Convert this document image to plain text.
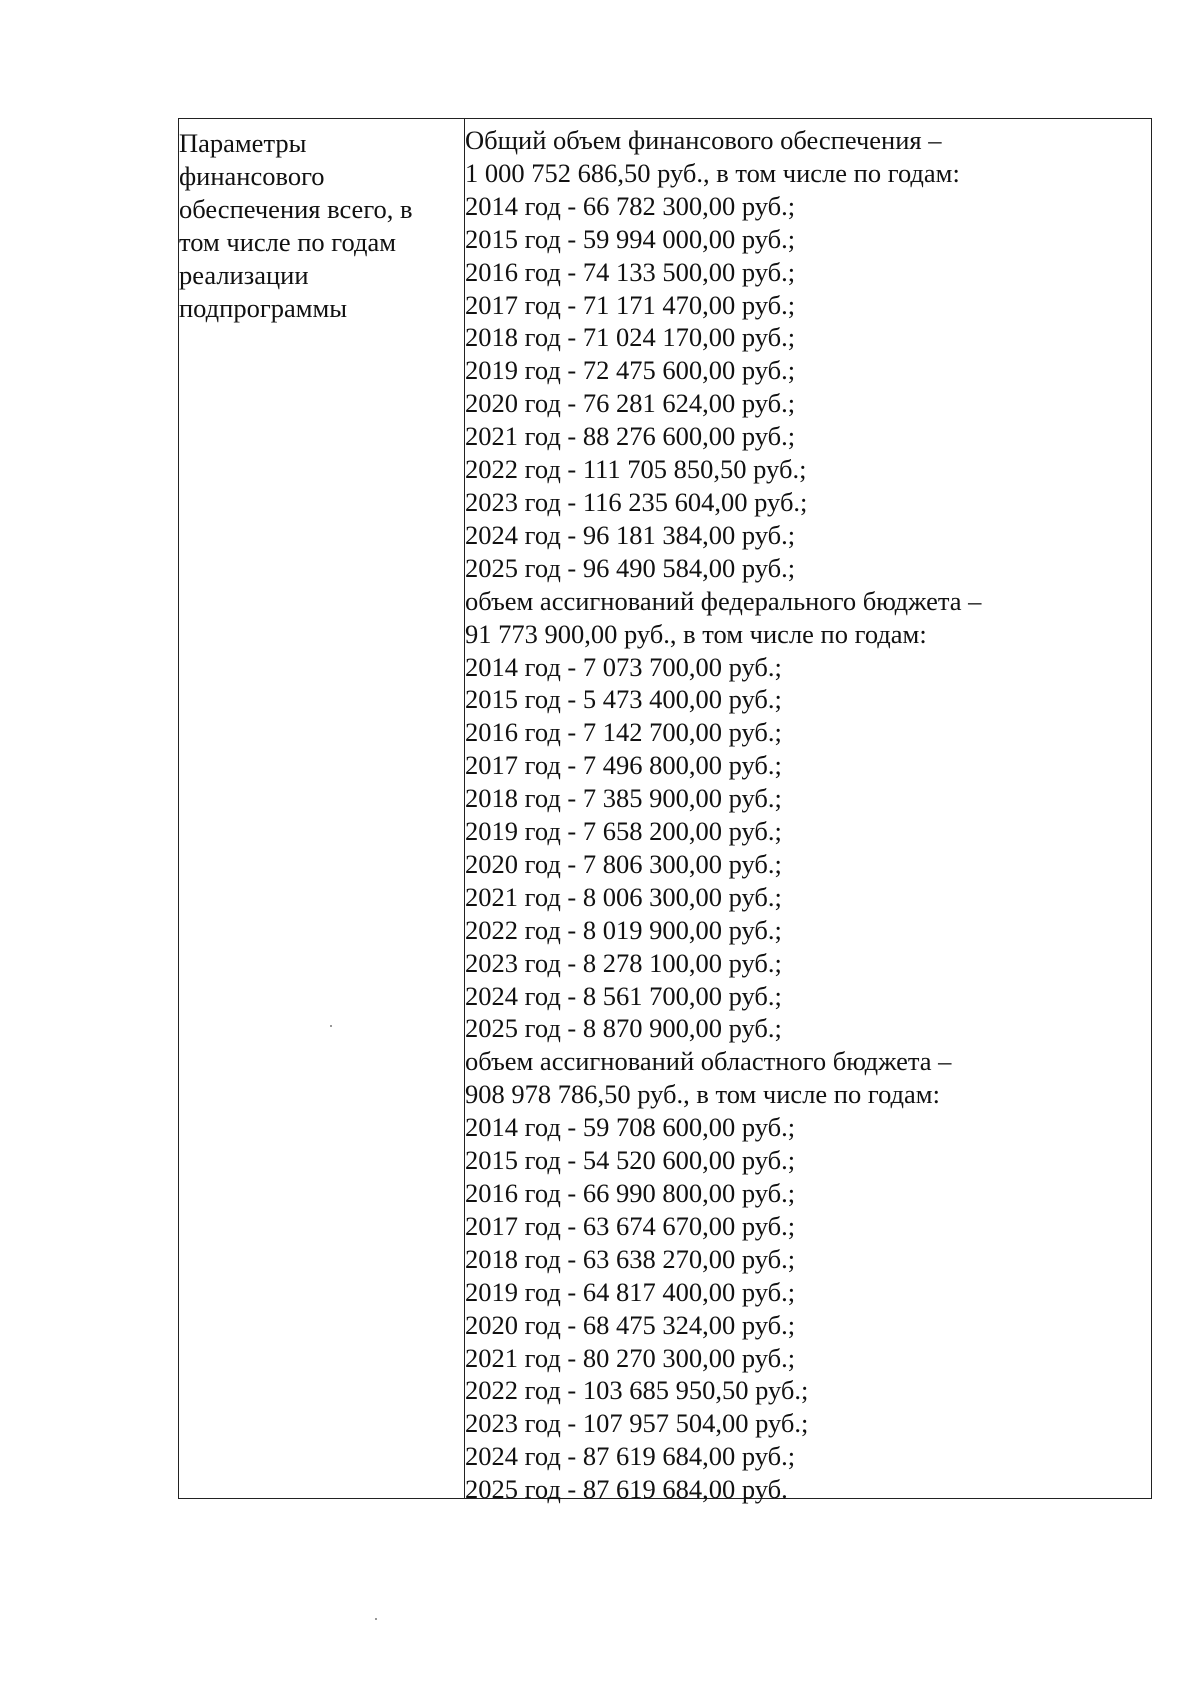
Параметры
финансового
обеспечения всего, в
том числе по годам
реализации
подпрограммы
Общий объем финансового обеспечения –
1 000 752 686,50 руб., в том числе по годам:
2014 год - 66 782 300,00 руб.;
2015 год - 59 994 000,00 руб.;
2016 год - 74 133 500,00 руб.;
2017 год - 71 171 470,00 руб.;
2018 год - 71 024 170,00 руб.;
2019 год - 72 475 600,00 руб.;
2020 год - 76 281 624,00 руб.;
2021 год - 88 276 600,00 руб.;
2022 год - 111 705 850,50 руб.;
2023 год - 116 235 604,00 руб.;
2024 год - 96 181 384,00 руб.;
2025 год - 96 490 584,00 руб.;
объем ассигнований федерального бюджета –
91 773 900,00 руб., в том числе по годам:
2014 год - 7 073 700,00 руб.;
2015 год - 5 473 400,00 руб.;
2016 год - 7 142 700,00 руб.;
2017 год - 7 496 800,00 руб.;
2018 год - 7 385 900,00 руб.;
2019 год - 7 658 200,00 руб.;
2020 год - 7 806 300,00 руб.;
2021 год - 8 006 300,00 руб.;
2022 год - 8 019 900,00 руб.;
2023 год - 8 278 100,00 руб.;
2024 год - 8 561 700,00 руб.;
2025 год - 8 870 900,00 руб.;
объем ассигнований областного бюджета –
908 978 786,50 руб., в том числе по годам:
2014 год - 59 708 600,00 руб.;
2015 год - 54 520 600,00 руб.;
2016 год - 66 990 800,00 руб.;
2017 год - 63 674 670,00 руб.;
2018 год - 63 638 270,00 руб.;
2019 год - 64 817 400,00 руб.;
2020 год - 68 475 324,00 руб.;
2021 год - 80 270 300,00 руб.;
2022 год - 103 685 950,50 руб.;
2023 год - 107 957 504,00 руб.;
2024 год - 87 619 684,00 руб.;
2025 год - 87 619 684,00 руб.
